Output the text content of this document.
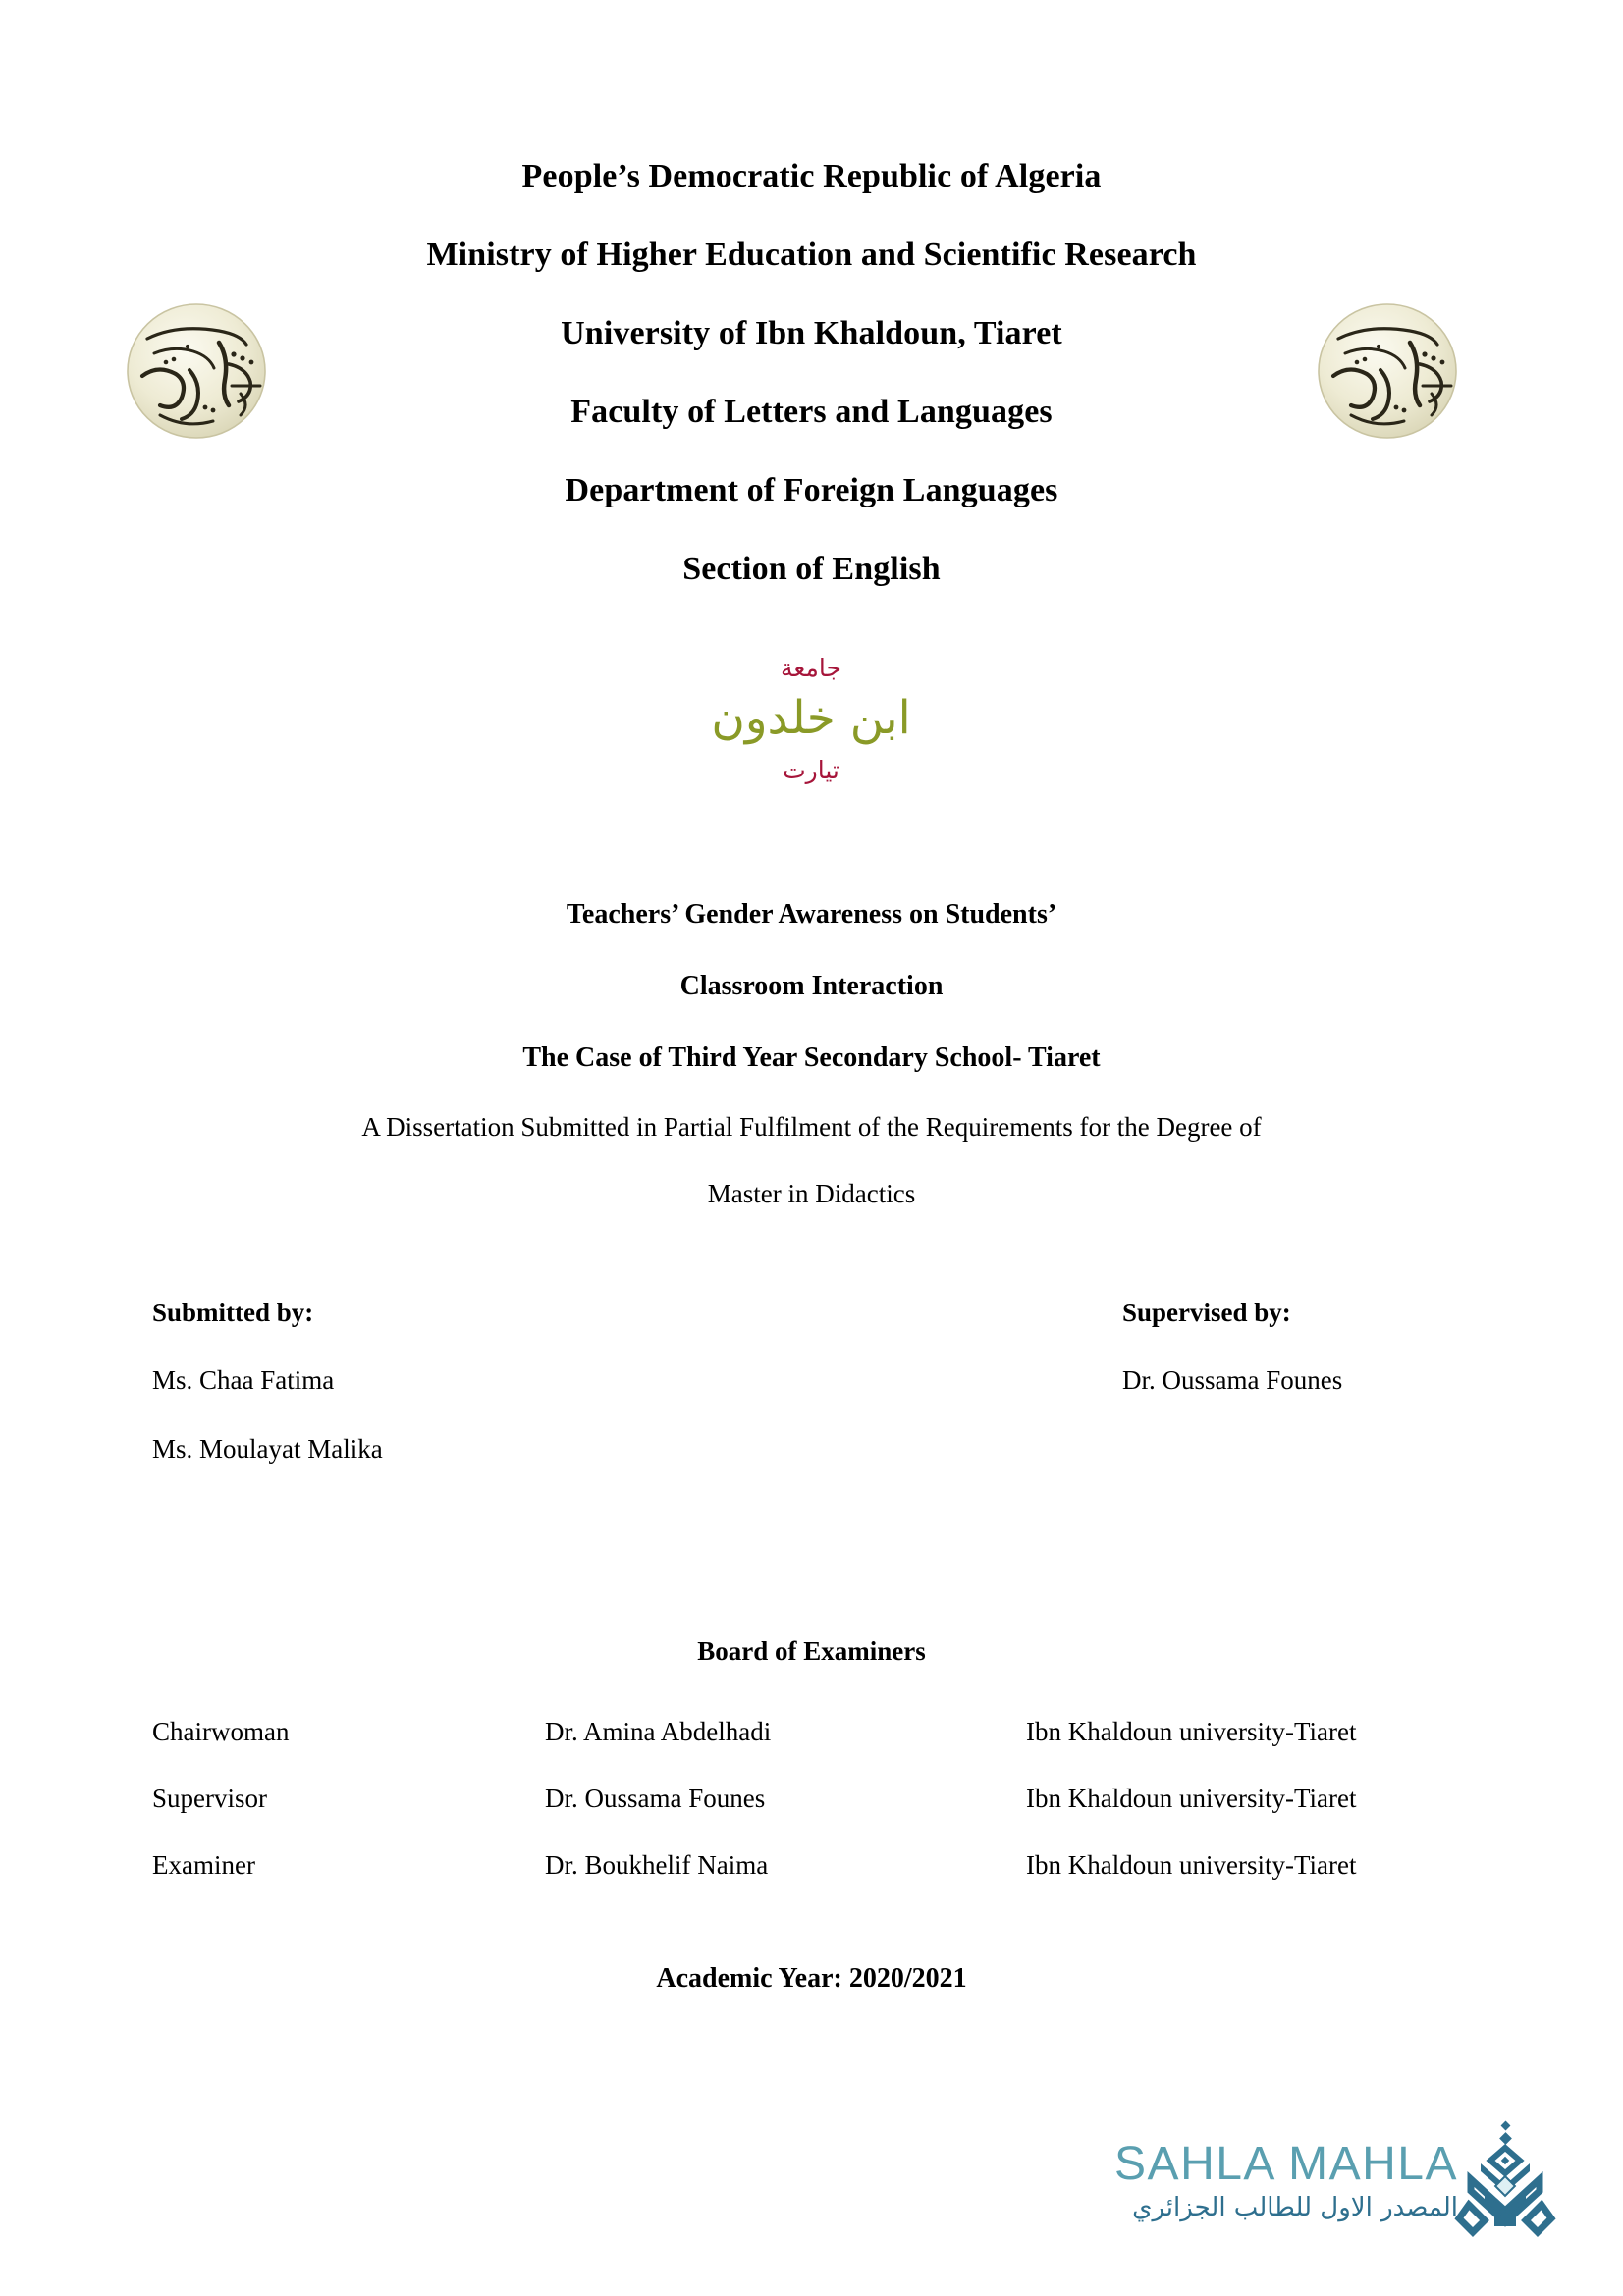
People’s Democratic Republic of Algeria
Ministry of Higher Education and Scientific Research
University of Ibn Khaldoun, Tiaret
Faculty of Letters and Languages
Department of Foreign Languages
Section of English
جامعة
ابن خلدون
تيارت
Teachers’ Gender Awareness on Students’
Classroom Interaction
The Case of Third Year Secondary School- Tiaret
A Dissertation Submitted in Partial Fulfilment of the Requirements for the Degree of
Master in Didactics
Submitted by:
Ms. Chaa Fatima
Ms. Moulayat Malika
Supervised by:
Dr. Oussama Founes
Board of Examiners
Chairwoman	Dr. Amina Abdelhadi	Ibn Khaldoun university-Tiaret
Supervisor	Dr. Oussama Founes	Ibn Khaldoun university-Tiaret
Examiner	Dr. Boukhelif Naima	Ibn Khaldoun university-Tiaret
Academic Year: 2020/2021
SAHLA MAHLA
المصدر الاول للطالب الجزائري
